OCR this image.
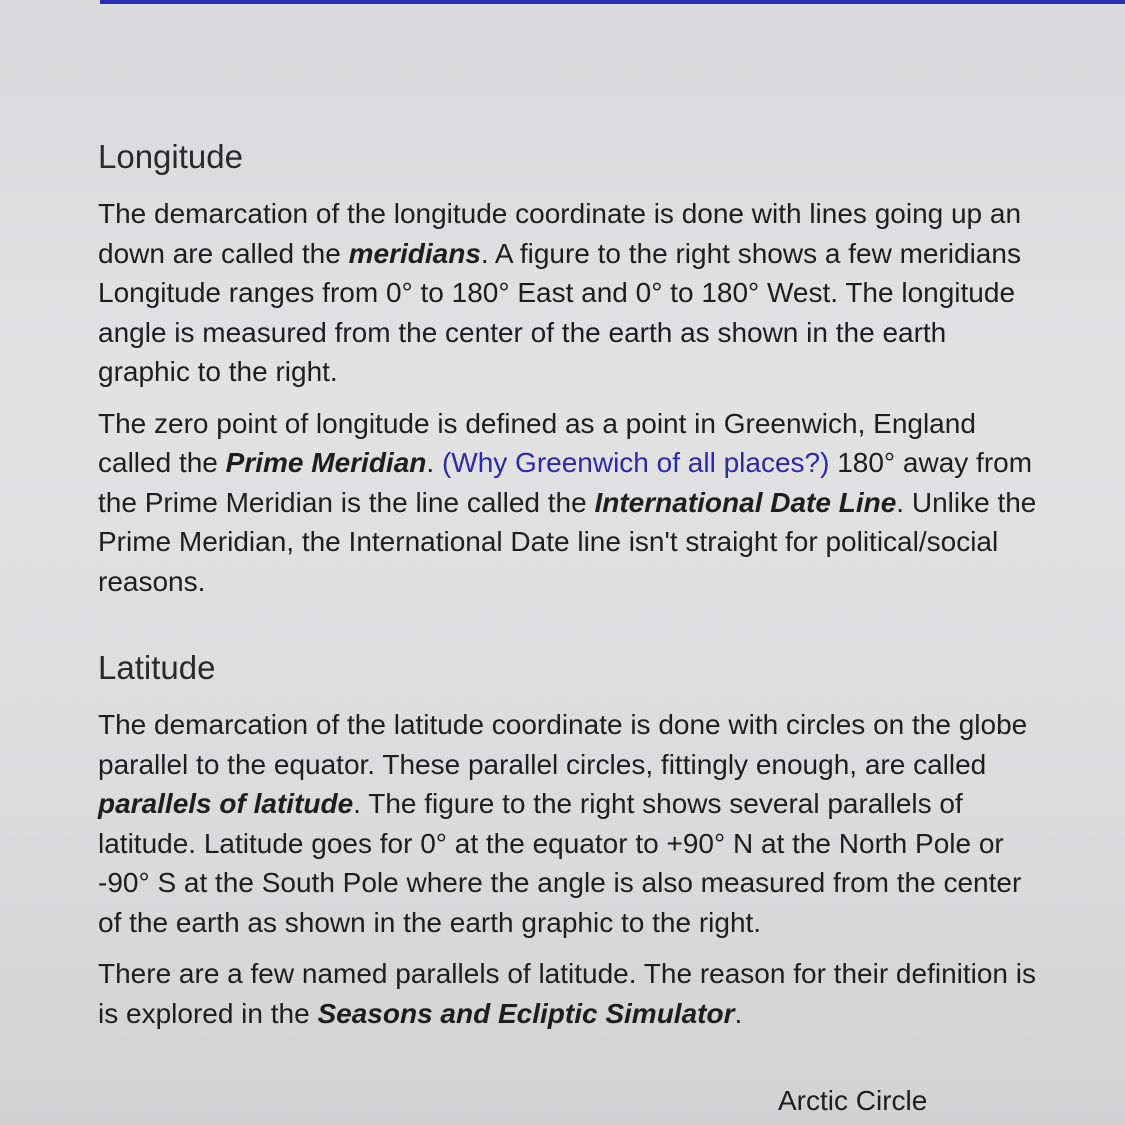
Longitude

The demarcation of the longitude coordinate is done with lines going up an
down are called the meridians. A figure to the right shows a few meridians
Longitude ranges from 0° to 180° East and 0° to 180° West. The longitude
angle is measured from the center of the earth as shown in the earth
graphic to the right.

The zero point of longitude is defined as a point in Greenwich, England
called the Prime Meridian. (Why Greenwich of all places?) 180° away from
the Prime Meridian is the line called the International Date Line. Unlike the
Prime Meridian, the International Date line isn't straight for political/social
reasons.

Latitude

The demarcation of the latitude coordinate is done with circles on the globe
parallel to the equator. These parallel circles, fittingly enough, are called
parallels of latitude. The figure to the right shows several parallels of
latitude. Latitude goes for 0° at the equator to +90° N at the North Pole or
-90° S at the South Pole where the angle is also measured from the center
of the earth as shown in the earth graphic to the right.

There are a few named parallels of latitude. The reason for their definition is
is explored in the Seasons and Ecliptic Simulator.

Arctic Circle
